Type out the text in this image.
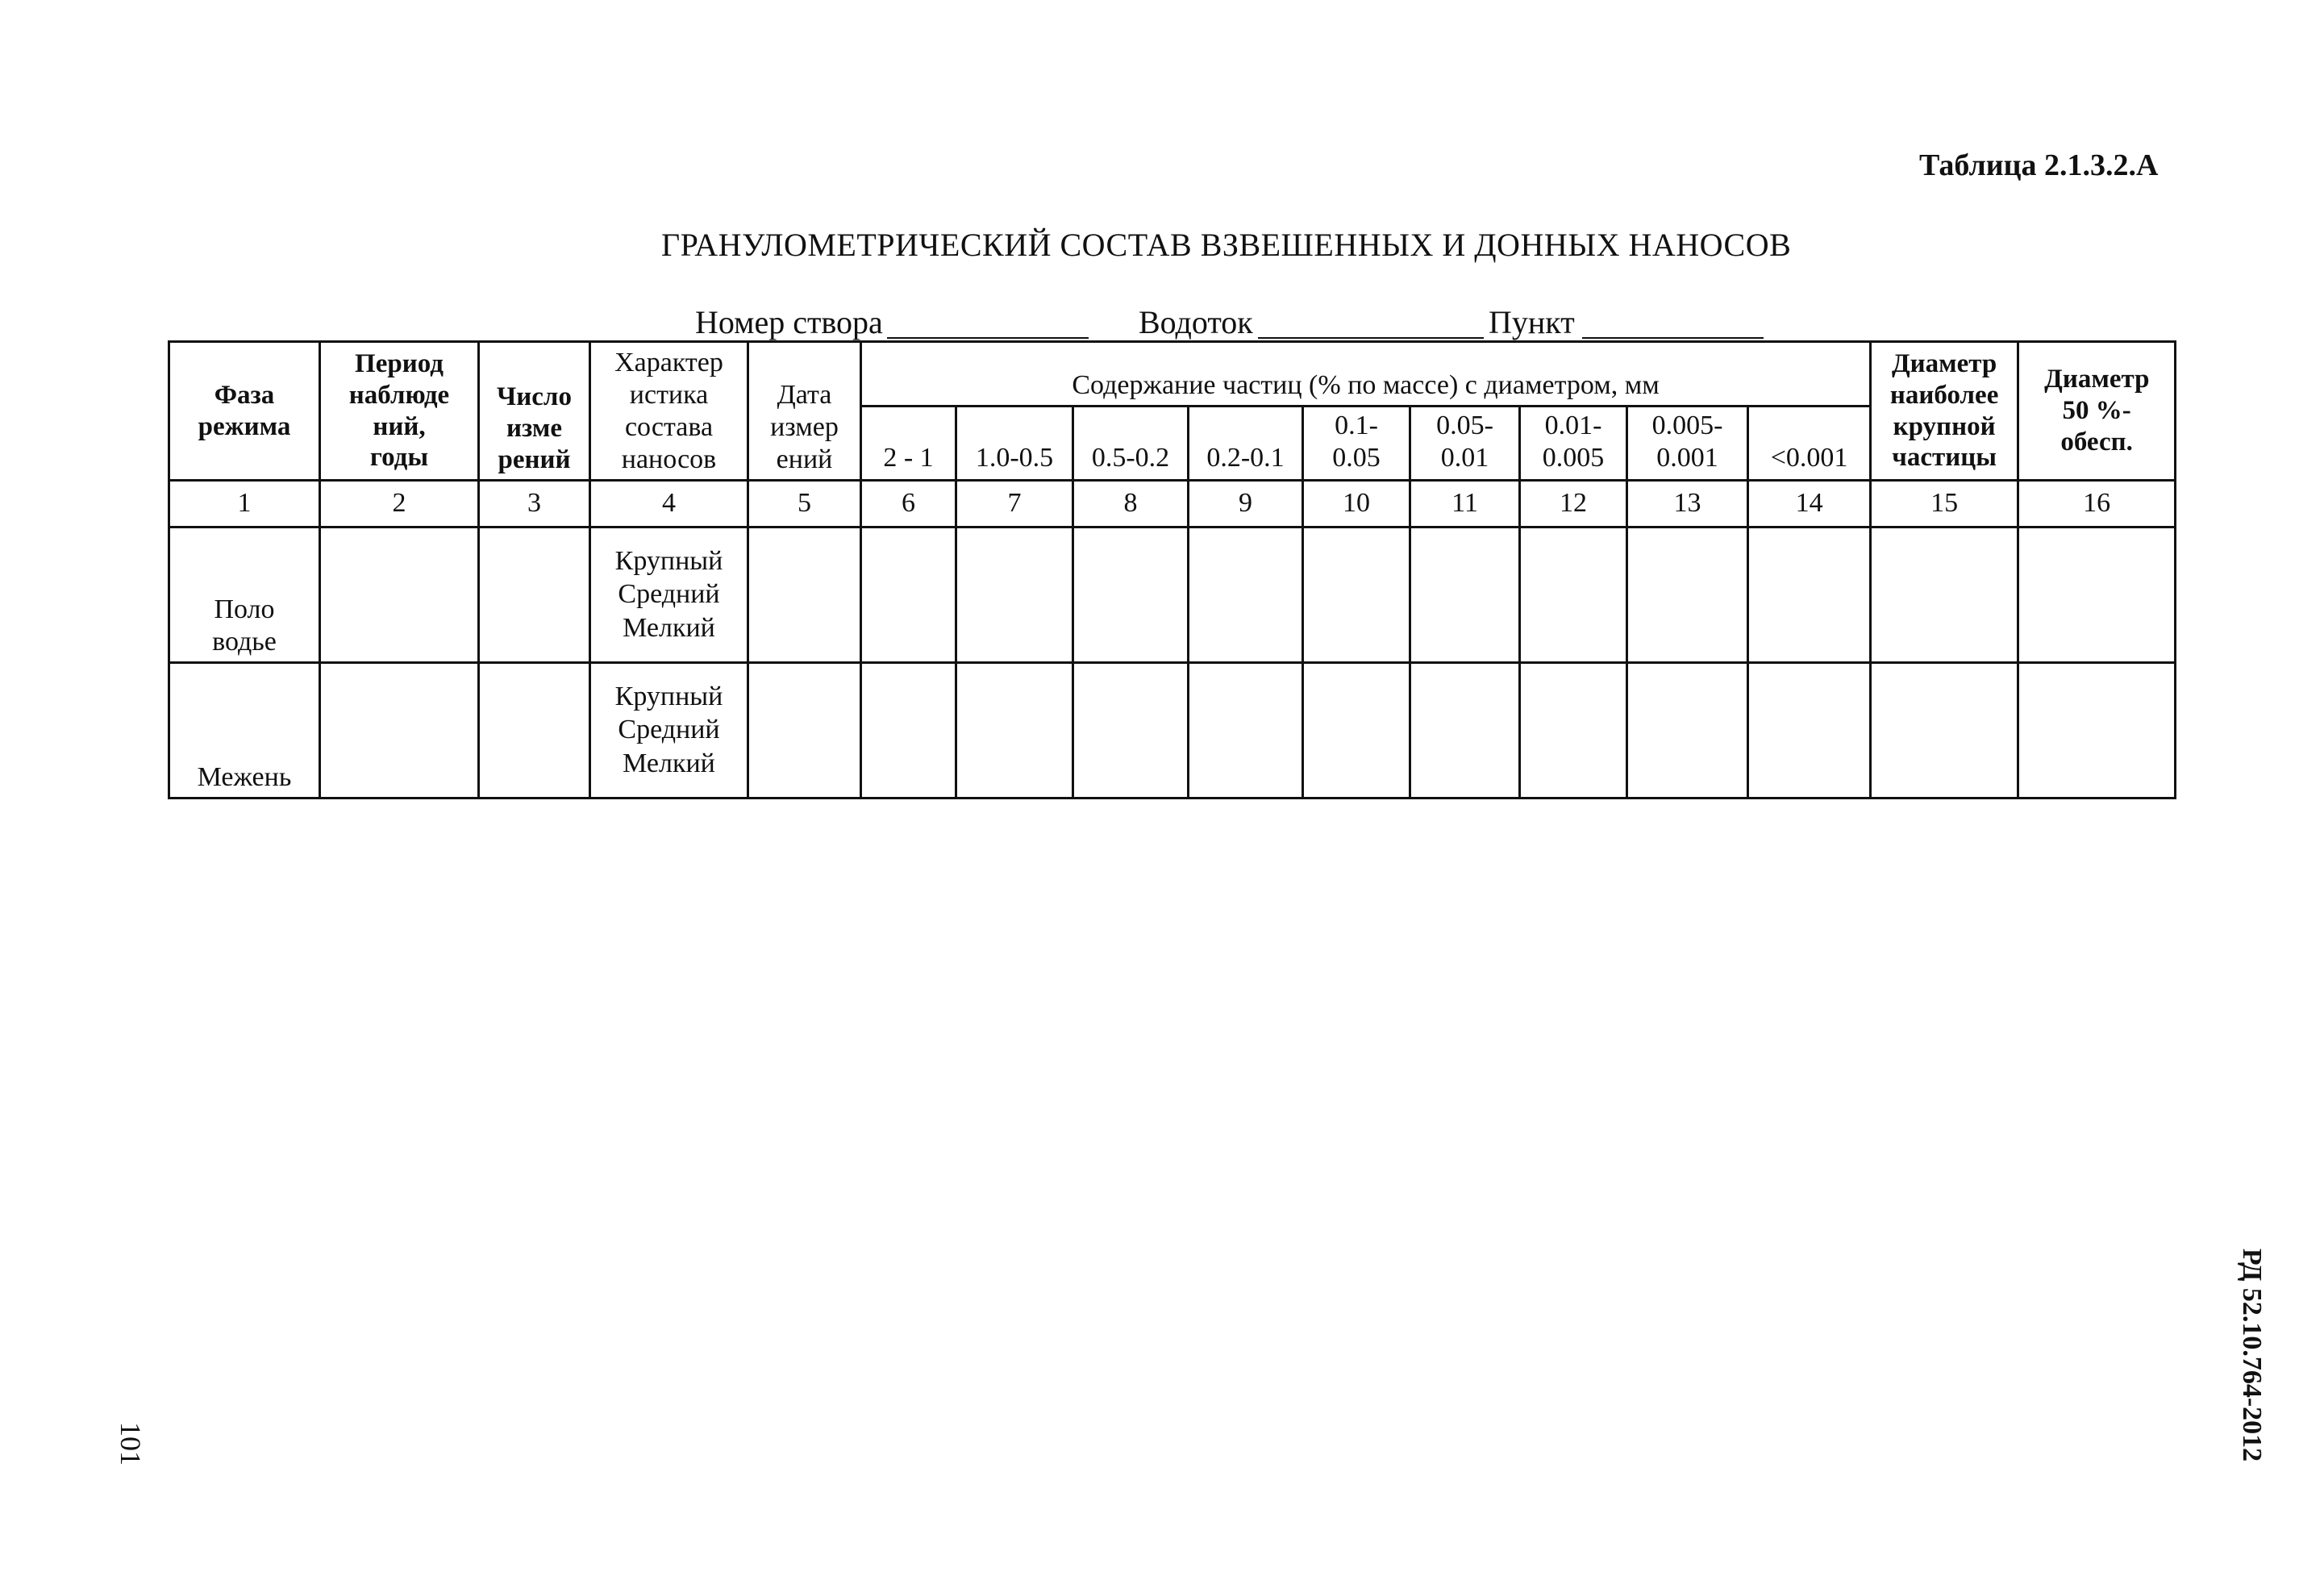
Таблица 2.1.3.2.А
ГРАНУЛОМЕТРИЧЕСКИЙ СОСТАВ ВЗВЕШЕННЫХ И ДОННЫХ НАНОСОВ
Номер створа	Водоток	Пункт
Фаза режима	Период наблюде ний, годы	Число изме рений	Характер истика состава наносов	Дата измер ений	Содержание частиц (% по массе) с диаметром, мм									Диаметр наиболее крупной частицы	Диаметр 50 %- обесп.

					2 - 1	1.0-0.5	0.5-0.2	0.2-0.1	0.1- 0.05	0.05- 0.01	0.01- 0.005	0.005- 0.001	<0.001		
1	2	3	4	5	6	7	8	9	10	11	12	13	14	15	16

Поло водье			Крупный
Средний
Мелкий												

Межень			Крупный
Средний
Мелкий												

РД 52.10.764-2012
101
